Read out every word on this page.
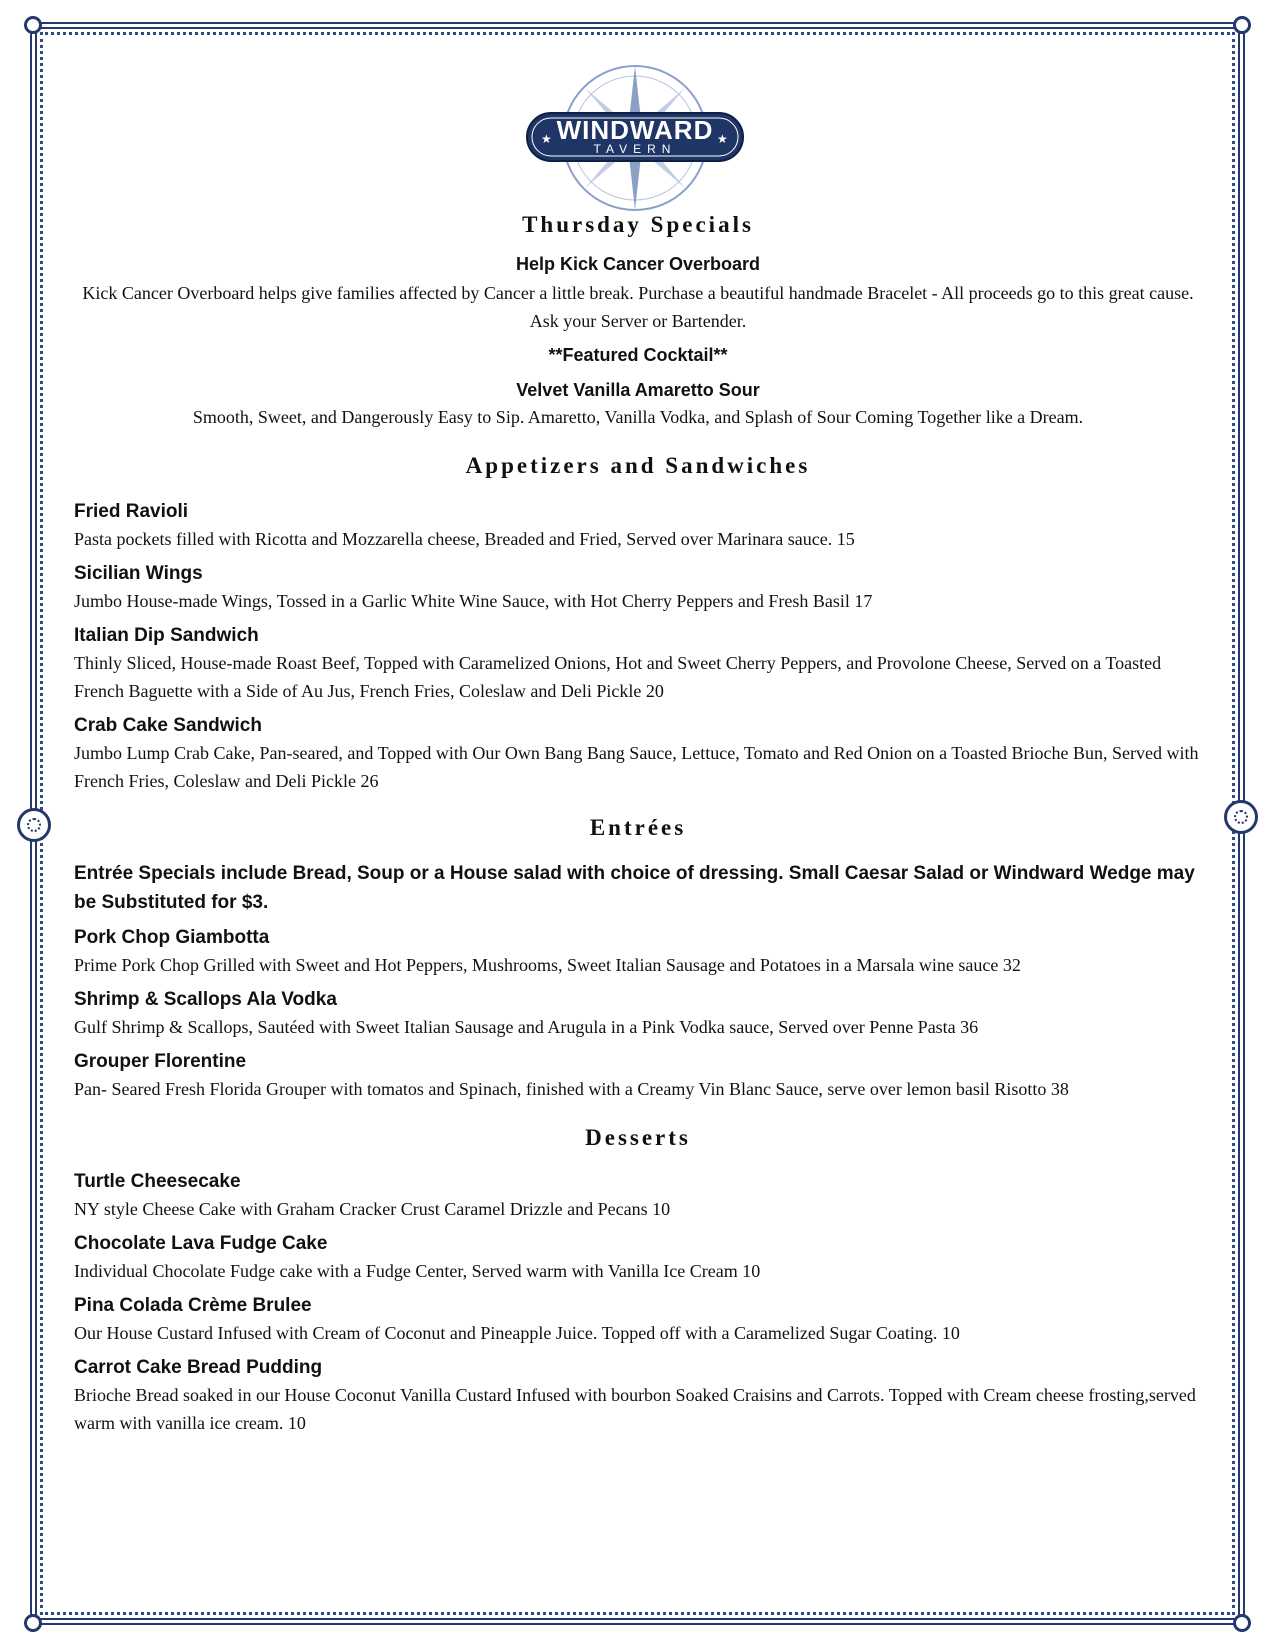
★	★
WINDWARD
TAVERN
Thursday Specials

Help Kick Cancer Overboard

Kick Cancer Overboard helps give families affected by Cancer a little break. Purchase a beautiful handmade Bracelet - All proceeds go to this great cause. Ask your Server or Bartender.

**Featured Cocktail**

Velvet Vanilla Amaretto Sour

Smooth, Sweet, and Dangerously Easy to Sip. Amaretto, Vanilla Vodka, and Splash of Sour Coming Together like a Dream.

Appetizers and Sandwiches

Fried Ravioli

Pasta pockets filled with Ricotta and Mozzarella cheese, Breaded and Fried, Served over Marinara sauce. 15

Sicilian Wings

Jumbo House-made Wings, Tossed in a Garlic White Wine Sauce, with Hot Cherry Peppers and Fresh Basil 17

Italian Dip Sandwich

Thinly Sliced, House-made Roast Beef, Topped with Caramelized Onions, Hot and Sweet Cherry Peppers, and Provolone Cheese, Served on a Toasted French Baguette with a Side of Au Jus, French Fries, Coleslaw and Deli Pickle 20

Crab Cake Sandwich

Jumbo Lump Crab Cake, Pan-seared, and Topped with Our Own Bang Bang Sauce, Lettuce, Tomato and Red Onion on a Toasted Brioche Bun, Served with French Fries, Coleslaw and Deli Pickle 26

Entrées

Entrée Specials include Bread, Soup or a House salad with choice of dressing. Small Caesar Salad or Windward Wedge may be Substituted for $3.

Pork Chop Giambotta

Prime Pork Chop Grilled with Sweet and Hot Peppers, Mushrooms, Sweet Italian Sausage and Potatoes in a Marsala wine sauce 32

Shrimp & Scallops Ala Vodka

Gulf Shrimp & Scallops, Sautéed with Sweet Italian Sausage and Arugula in a Pink Vodka sauce, Served over Penne Pasta 36

Grouper Florentine

Pan- Seared Fresh Florida Grouper with tomatos and Spinach, finished with a Creamy Vin Blanc Sauce, serve over lemon basil Risotto 38

Desserts

Turtle Cheesecake

NY style Cheese Cake with Graham Cracker Crust Caramel Drizzle and Pecans 10

Chocolate Lava Fudge Cake

Individual Chocolate Fudge cake with a Fudge Center, Served warm with Vanilla Ice Cream 10

Pina Colada Crème Brulee

Our House Custard Infused with Cream of Coconut and Pineapple Juice. Topped off with a Caramelized Sugar Coating. 10

Carrot Cake Bread Pudding

Brioche Bread soaked in our House Coconut Vanilla Custard Infused with bourbon Soaked Craisins and Carrots. Topped with Cream cheese frosting,served warm with vanilla ice cream. 10
